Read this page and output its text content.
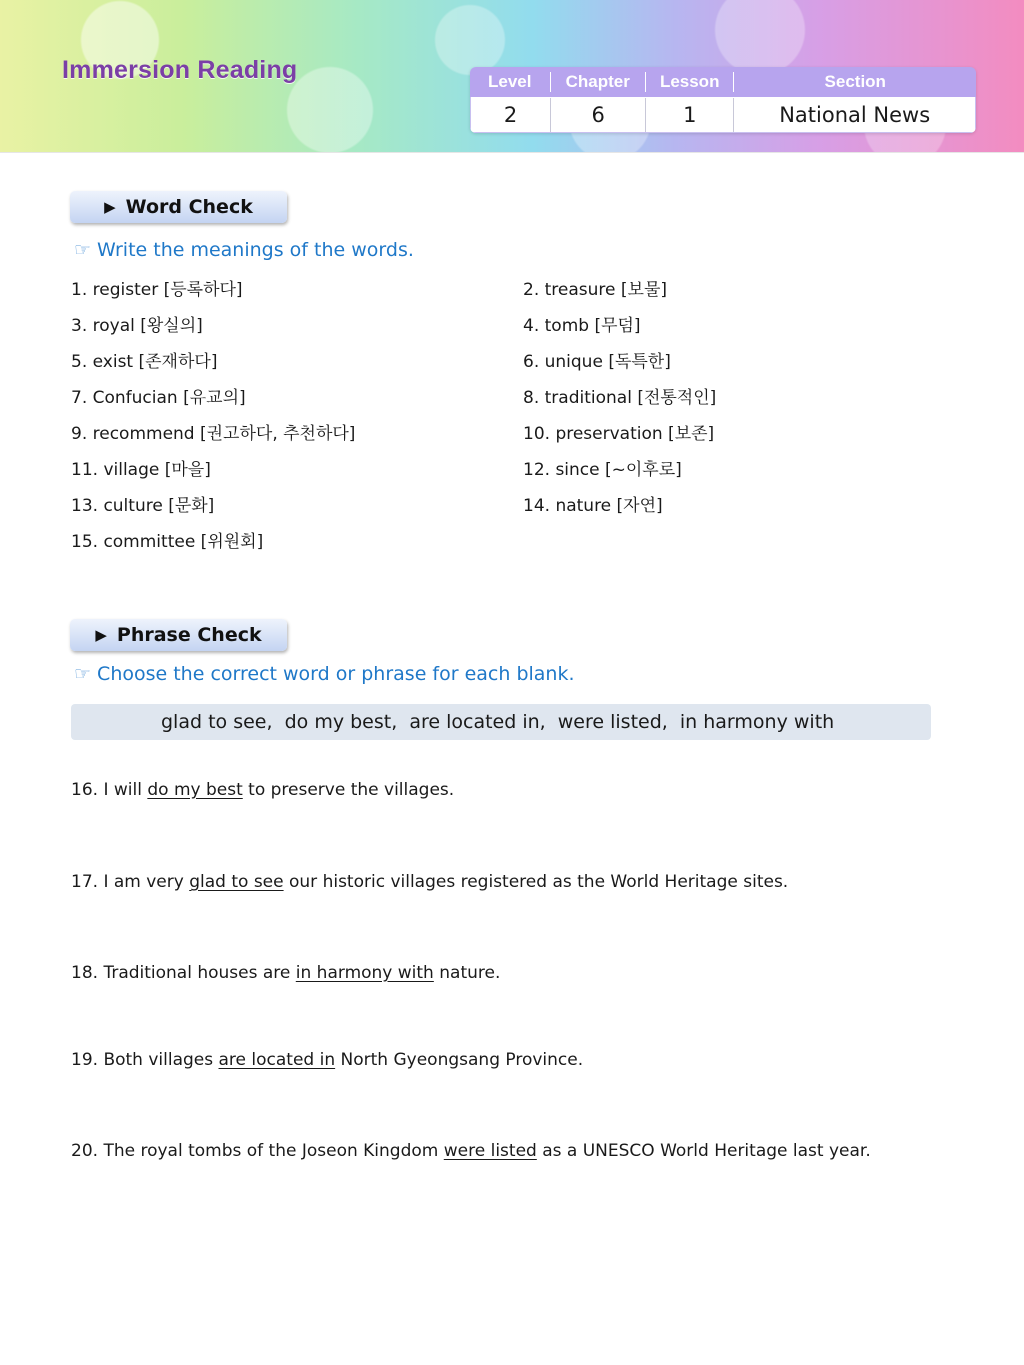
Immersion Reading	Level	Chapter	Lesson	Section
2	6	1	National News
▶ Word Check
☞ Write the meanings of the words.
1. register [등록하다]	2. treasure [보물]
3. royal [왕실의]	4. tomb [무덤]
5. exist [존재하다]	6. unique [독특한]
7. Confucian [유교의]	8. traditional [전통적인]
9. recommend [권고하다, 추천하다]	10. preservation [보존]
11. village [마을]	12. since [~이후로]
13. culture [문화]	14. nature [자연]
15. committee [위원회]
▶ Phrase Check
☞ Choose the correct word or phrase for each blank.
glad to see,  do my best,  are located in,  were listed,  in harmony with
16. I will do my best to preserve the villages.
17. I am very glad to see our historic villages registered as the World Heritage sites.
18. Traditional houses are in harmony with nature.
19. Both villages are located in North Gyeongsang Province.
20. The royal tombs of the Joseon Kingdom were listed as a UNESCO World Heritage last year.
